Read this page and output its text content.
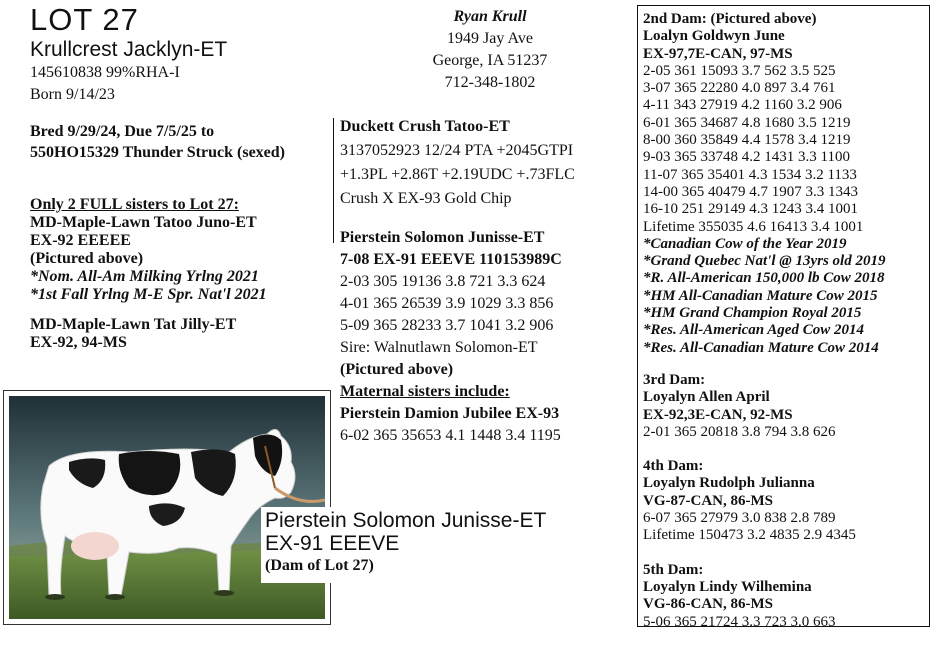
LOT 27
Krullcrest Jacklyn-ET
145610838 99%RHA-I
Born 9/14/23
Bred 9/29/24, Due 7/5/25 to
550HO15329 Thunder Struck (sexed)
Only 2 FULL sisters to Lot 27:
MD-Maple-Lawn Tatoo Juno-ET
EX-92 EEEEE
(Pictured above)
*Nom. All-Am Milking Yrlng 2021
*1st Fall Yrlng M-E Spr. Nat'l 2021
MD-Maple-Lawn Tat Jilly-ET
EX-92, 94-MS
Pierstein Solomon Junisse-ET
EX-91 EEEVE
(Dam of Lot 27)
Ryan Krull
1949 Jay Ave
George, IA 51237
712-348-1802
Duckett Crush Tatoo-ET
3137052923 12/24 PTA +2045GTPI
+1.3PL +2.86T +2.19UDC +.73FLC
Crush X EX-93 Gold Chip
Pierstein Solomon Junisse-ET
7-08 EX-91 EEEVE 110153989C
2-03 305 19136 3.8 721 3.3 624
4-01 365 26539 3.9 1029 3.3 856
5-09 365 28233 3.7 1041 3.2 906
Sire: Walnutlawn Solomon-ET
(Pictured above)
Maternal sisters include:
Pierstein Damion Jubilee EX-93
6-02 365 35653 4.1 1448 3.4 1195
2nd Dam: (Pictured above)
Loalyn Goldwyn June
EX-97,7E-CAN, 97-MS
2-05 361 15093 3.7 562 3.5 525
3-07 365 22280 4.0 897 3.4 761
4-11 343 27919 4.2 1160 3.2 906
6-01 365 34687 4.8 1680 3.5 1219
8-00 360 35849 4.4 1578 3.4 1219
9-03 365 33748 4.2 1431 3.3 1100
11-07 365 35401 4.3 1534 3.2 1133
14-00 365 40479 4.7 1907 3.3 1343
16-10 251 29149 4.3 1243 3.4 1001
Lifetime 355035 4.6 16413 3.4 1001
*Canadian Cow of the Year 2019
*Grand Quebec Nat'l @ 13yrs old 2019
*R. All-American 150,000 lb Cow 2018
*HM All-Canadian Mature Cow 2015
*HM Grand Champion Royal 2015
*Res. All-American Aged Cow 2014
*Res. All-Canadian Mature Cow 2014
3rd Dam:
Loyalyn Allen April
EX-92,3E-CAN, 92-MS
2-01 365 20818 3.8 794 3.8 626
4th Dam:
Loyalyn Rudolph Julianna
VG-87-CAN, 86-MS
6-07 365 27979 3.0 838 2.8 789
Lifetime 150473 3.2 4835 2.9 4345
5th Dam:
Loyalyn Lindy Wilhemina
VG-86-CAN, 86-MS
5-06 365 21724 3.3 723 3.0 663
